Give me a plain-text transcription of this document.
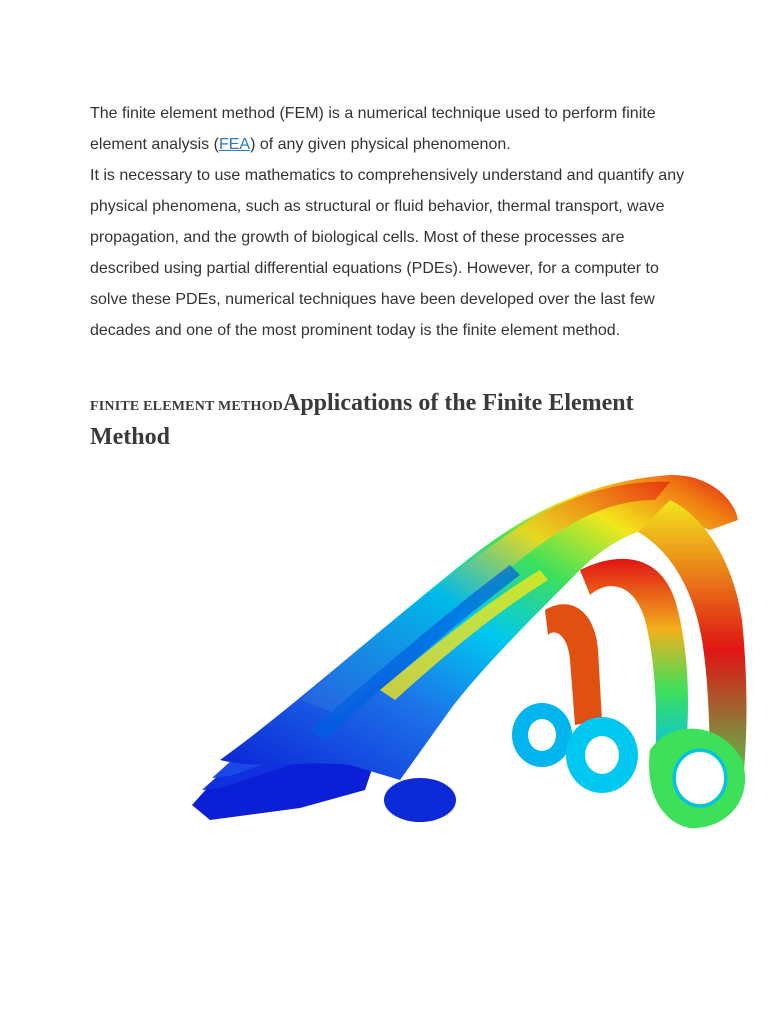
The finite element method (FEM) is a numerical technique used to perform finite element analysis (FEA) of any given physical phenomenon.

It is necessary to use mathematics to comprehensively understand and quantify any physical phenomena, such as structural or fluid behavior, thermal transport, wave propagation, and the growth of biological cells. Most of these processes are described using partial differential equations (PDEs). However, for a computer to solve these PDEs, numerical techniques have been developed over the last few decades and one of the most prominent today is the finite element method.

FINITE ELEMENT METHODApplications of the Finite Element Method
